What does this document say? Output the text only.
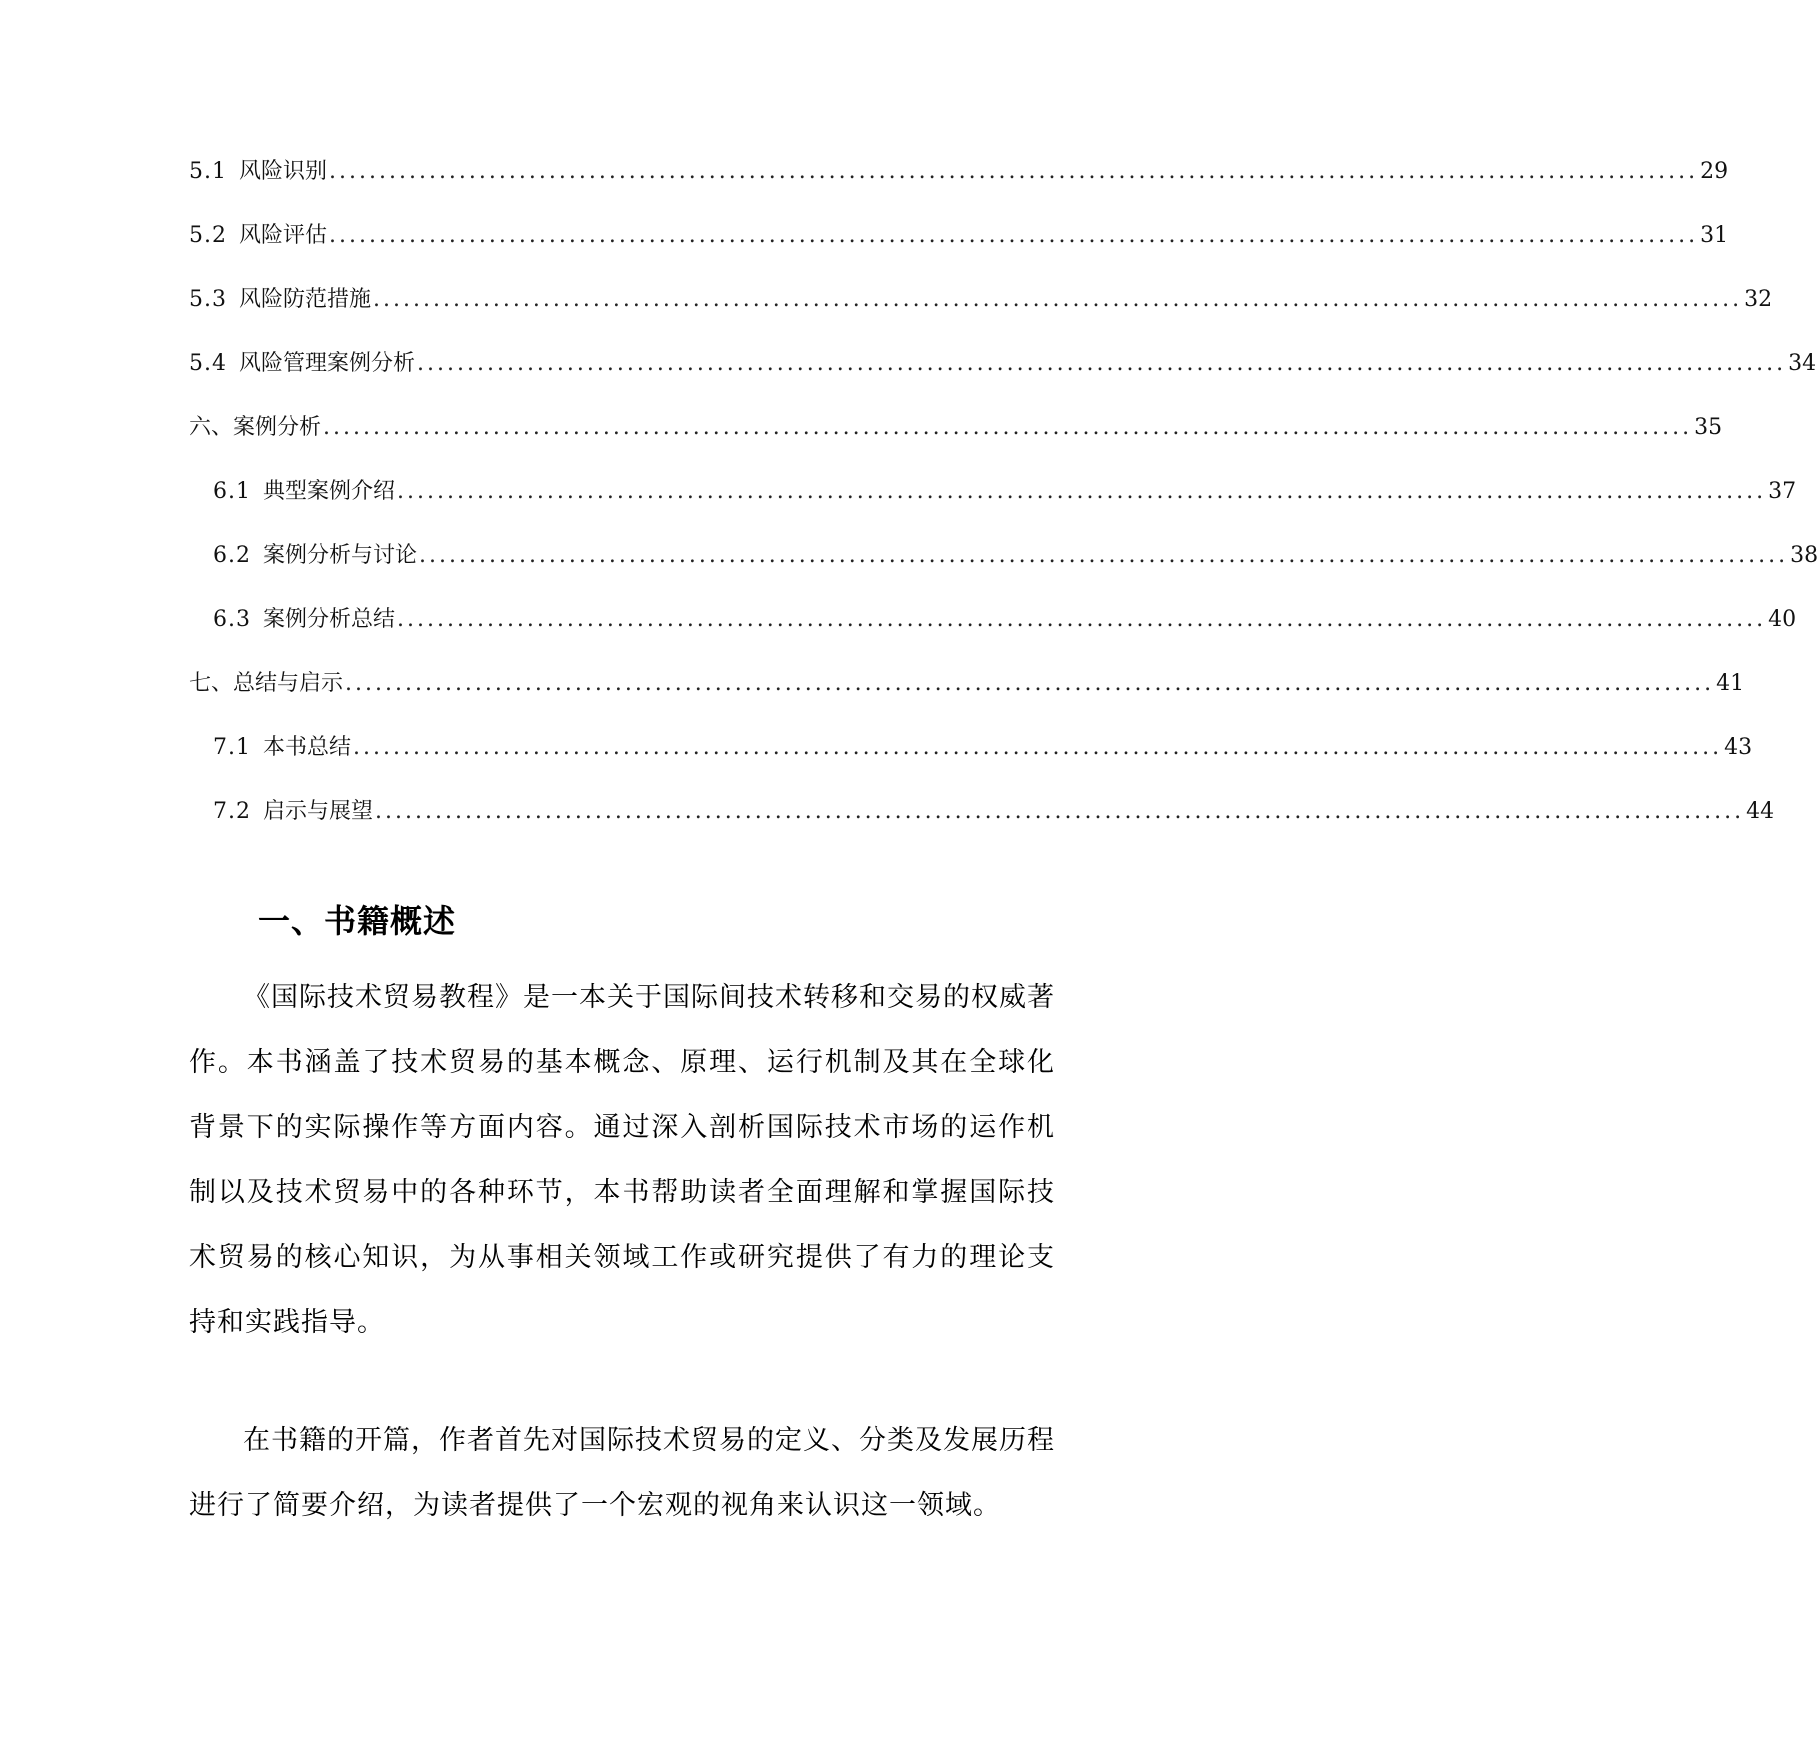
5.1 风险识别 ......................................................................................................................................... 29
5.2 风险评估 ......................................................................................................................................... 31
5.3 风险防范措施 ......................................................................................................................................... 32
5.4 风险管理案例分析 ......................................................................................................................................... 34
六、案例分析 ......................................................................................................................................... 35
6.1 典型案例介绍 ......................................................................................................................................... 37
6.2 案例分析与讨论 ......................................................................................................................................... 38
6.3 案例分析总结 ......................................................................................................................................... 40
七、总结与启示 ......................................................................................................................................... 41
7.1 本书总结 ......................................................................................................................................... 43
7.2 启示与展望 ......................................................................................................................................... 44
一、书籍概述

《国际技术贸易教程》是一本关于国际间技术转移和交易的权威著作。本书涵盖了技术贸易的基本概念、原理、运行机制及其在全球化背景下的实际操作等方面内容。通过深入剖析国际技术市场的运作机制以及技术贸易中的各种环节，本书帮助读者全面理解和掌握国际技术贸易的核心知识，为从事相关领域工作或研究提供了有力的理论支持和实践指导。

在书籍的开篇，作者首先对国际技术贸易的定义、分类及发展历程进行了简要介绍，为读者提供了一个宏观的视角来认识这一领域。
